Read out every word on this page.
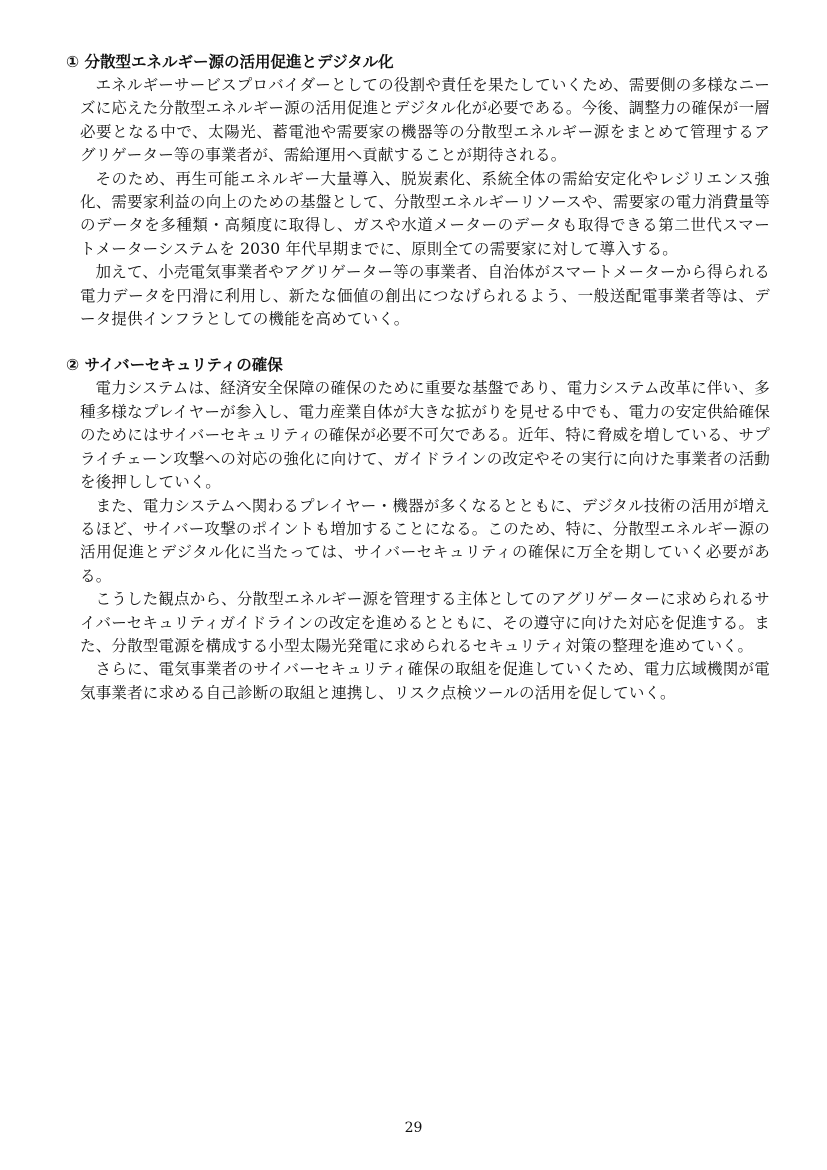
① 分散型エネルギー源の活用促進とデジタル化

エネルギーサービスプロバイダーとしての役割や責任を果たしていくため、需要側の多様なニーズに応えた分散型エネルギー源の活用促進とデジタル化が必要である。今後、調整力の確保が一層必要となる中で、太陽光、蓄電池や需要家の機器等の分散型エネルギー源をまとめて管理するアグリゲーター等の事業者が、需給運用へ貢献することが期待される。

そのため、再生可能エネルギー大量導入、脱炭素化、系統全体の需給安定化やレジリエンス強化、需要家利益の向上のための基盤として、分散型エネルギーリソースや、需要家の電力消費量等のデータを多種類・高頻度に取得し、ガスや水道メーターのデータも取得できる第二世代スマートメーターシステムを 2030 年代早期までに、原則全ての需要家に対して導入する。

加えて、小売電気事業者やアグリゲーター等の事業者、自治体がスマートメーターから得られる電力データを円滑に利用し、新たな価値の創出につなげられるよう、一般送配電事業者等は、データ提供インフラとしての機能を高めていく。

② サイバーセキュリティの確保

電力システムは、経済安全保障の確保のために重要な基盤であり、電力システム改革に伴い、多種多様なプレイヤーが参入し、電力産業自体が大きな拡がりを見せる中でも、電力の安定供給確保のためにはサイバーセキュリティの確保が必要不可欠である。近年、特に脅威を増している、サプライチェーン攻撃への対応の強化に向けて、ガイドラインの改定やその実行に向けた事業者の活動を後押ししていく。

また、電力システムへ関わるプレイヤー・機器が多くなるとともに、デジタル技術の活用が増えるほど、サイバー攻撃のポイントも増加することになる。このため、特に、分散型エネルギー源の活用促進とデジタル化に当たっては、サイバーセキュリティの確保に万全を期していく必要がある。

こうした観点から、分散型エネルギー源を管理する主体としてのアグリゲーターに求められるサイバーセキュリティガイドラインの改定を進めるとともに、その遵守に向けた対応を促進する。また、分散型電源を構成する小型太陽光発電に求められるセキュリティ対策の整理を進めていく。

さらに、電気事業者のサイバーセキュリティ確保の取組を促進していくため、電力広域機関が電気事業者に求める自己診断の取組と連携し、リスク点検ツールの活用を促していく。

29
